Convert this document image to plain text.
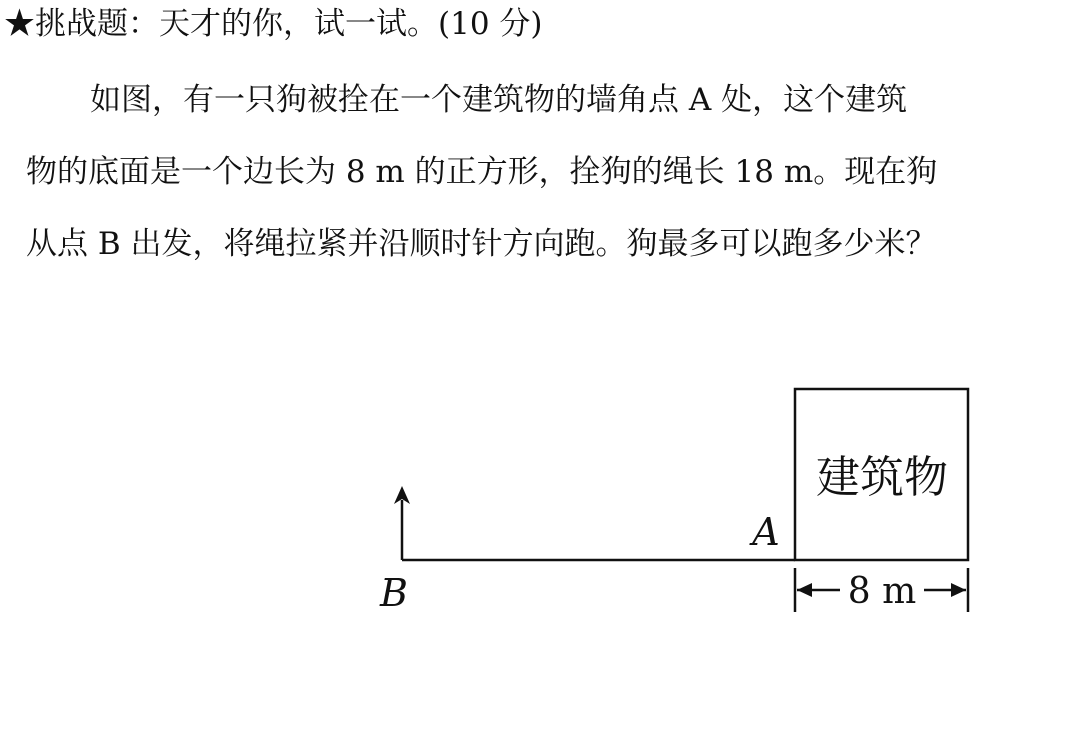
★挑战题：天才的你，试一试。(10 分)
如图，有一只狗被拴在一个建筑物的墙角点 A 处，这个建筑
物的底面是一个边长为 8 m 的正方形，拴狗的绳长 18 m。现在狗
从点 B 出发，将绳拉紧并沿顺时针方向跑。狗最多可以跑多少米？
建筑物
A
B	8 m
